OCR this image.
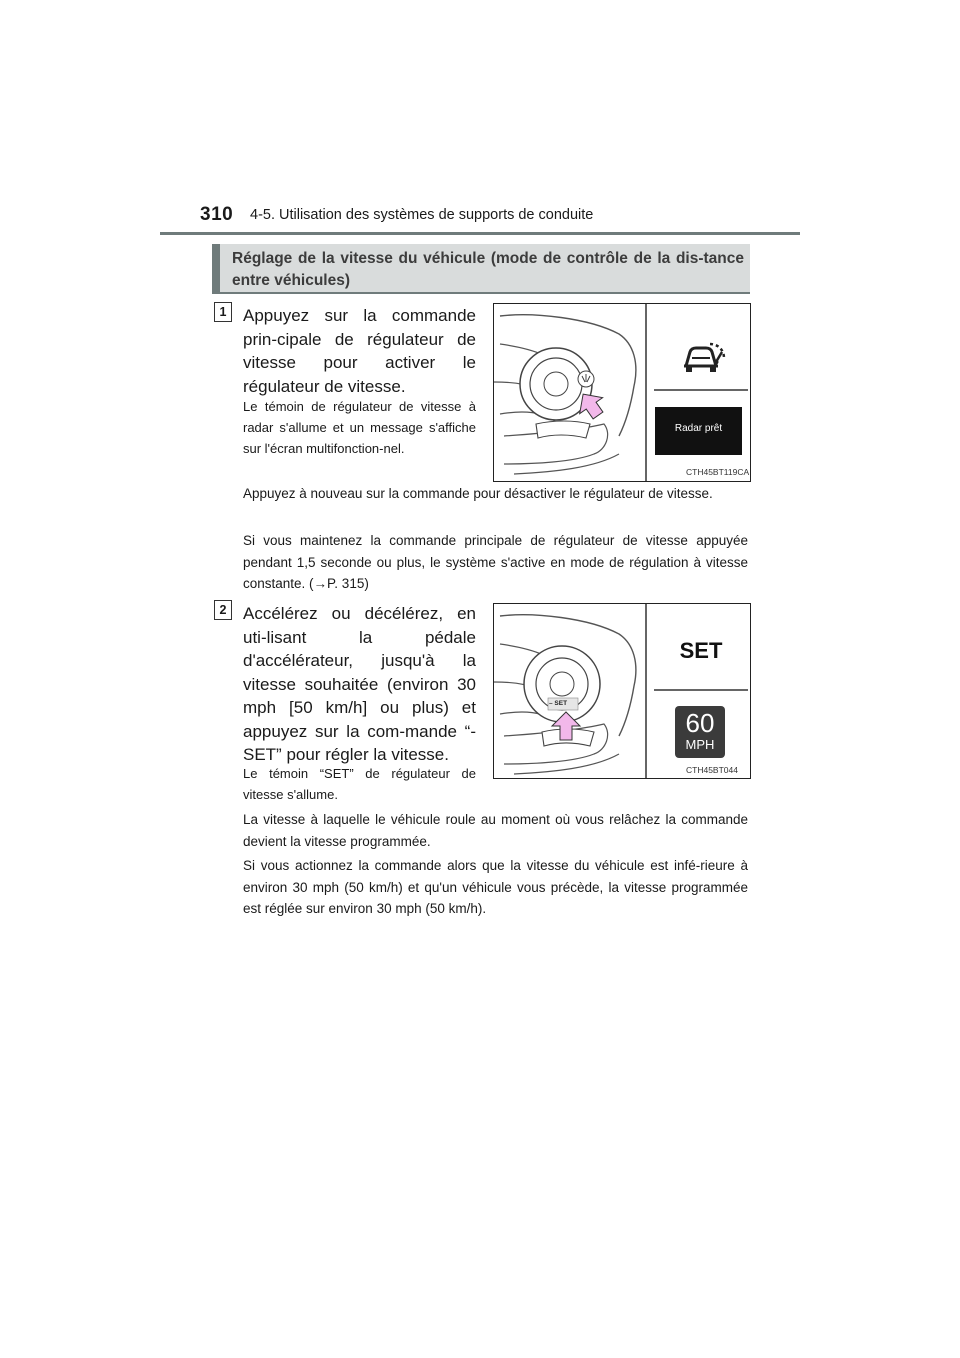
310 4-5. Utilisation des systèmes de supports de conduite
Réglage de la vitesse du véhicule (mode de contrôle de la dis-tance entre véhicules)
1 Appuyez sur la commande prin-cipale de régulateur de vitesse pour activer le régulateur de vitesse.
Le témoin de régulateur de vitesse à radar s'allume et un message s'affiche sur l'écran multifonction-nel.
Radar prêt
CTH45BT119CA
Appuyez à nouveau sur la commande pour désactiver le régulateur de vitesse.
Si vous maintenez la commande principale de régulateur de vitesse appuyée pendant 1,5 seconde ou plus, le système s'active en mode de régulation à vitesse constante. (→P. 315)
2 Accélérez ou décélérez, en uti-lisant la pédale d'accélérateur, jusqu'à la vitesse souhaitée (environ 30 mph [50 km/h] ou plus) et appuyez sur la com-mande “- SET” pour régler la vitesse.
Le témoin “SET” de régulateur de vitesse s'allume.
– SET
SET
60
MPH
CTH45BT044
La vitesse à laquelle le véhicule roule au moment où vous relâchez la commande devient la vitesse programmée.
Si vous actionnez la commande alors que la vitesse du véhicule est infé-rieure à environ 30 mph (50 km/h) et qu'un véhicule vous précède, la vitesse programmée est réglée sur environ 30 mph (50 km/h).
